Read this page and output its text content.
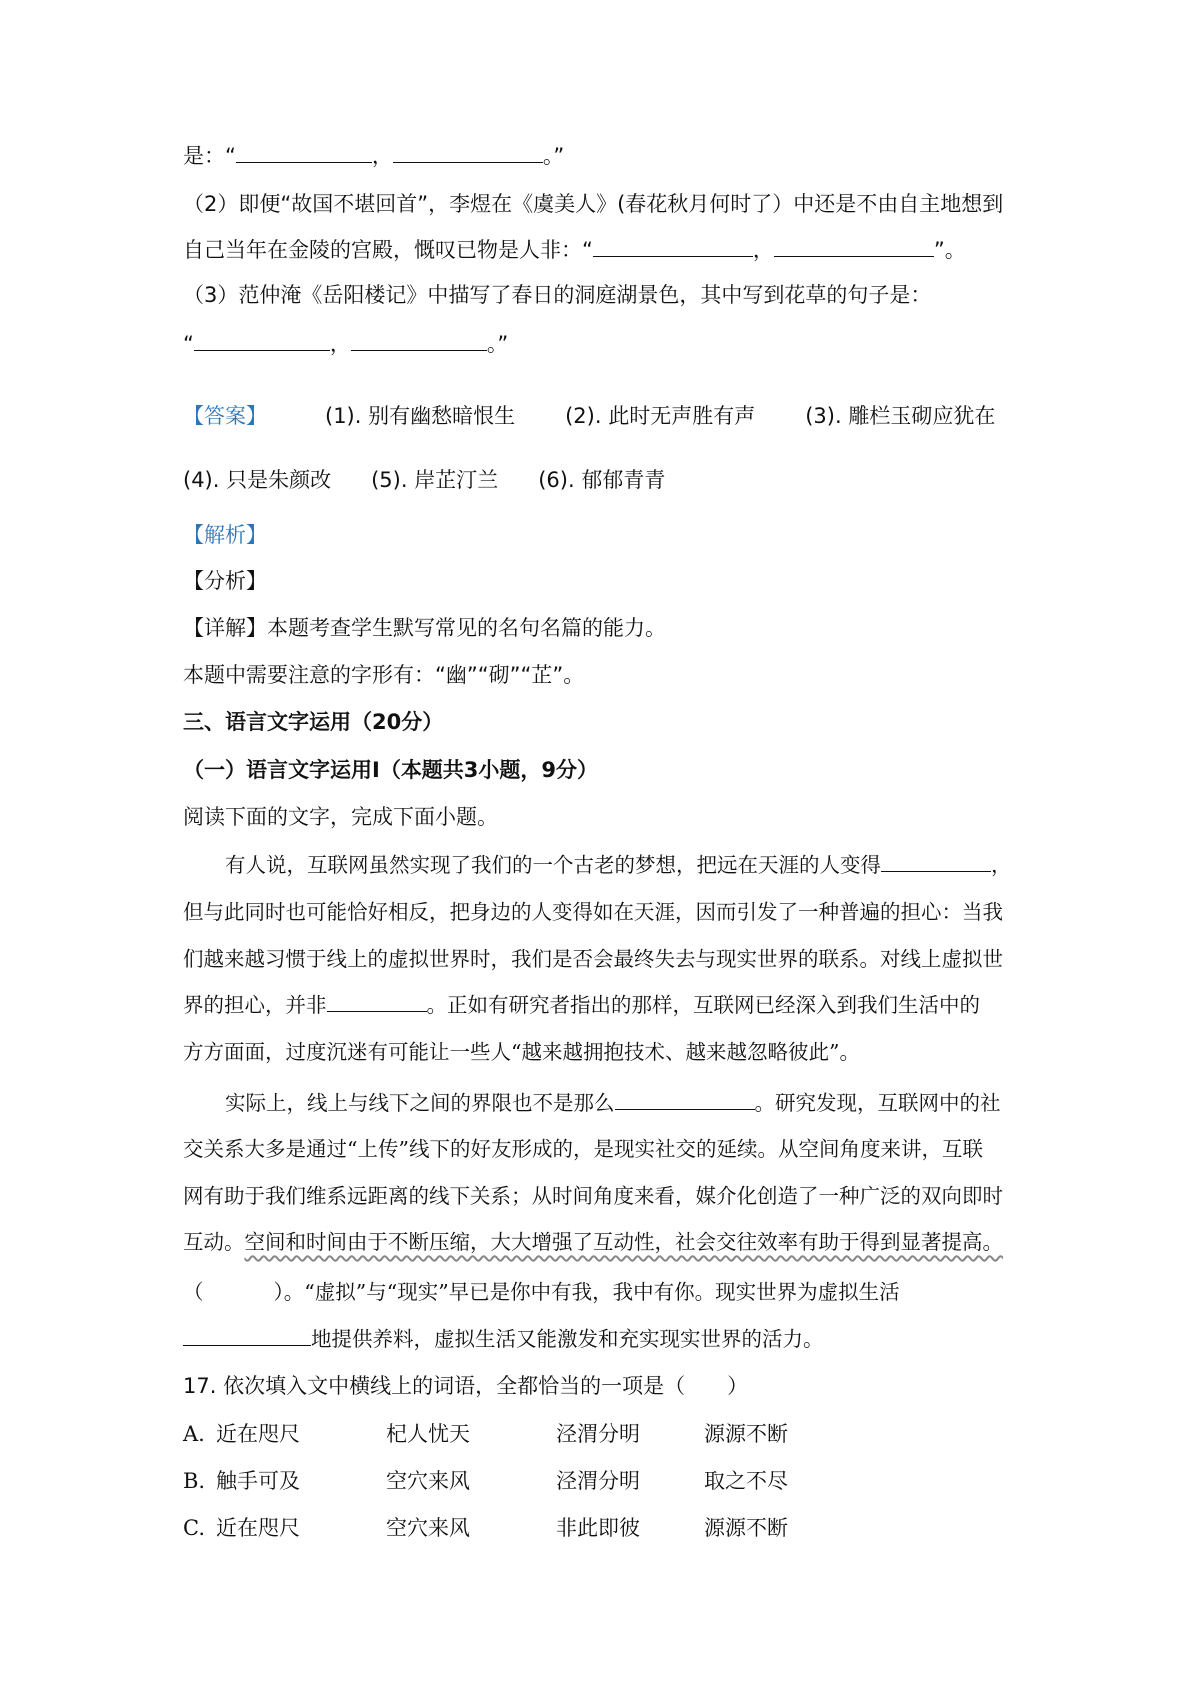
是：“	，	。”
（2）即便“故国不堪回首”，李煜在《虞美人》(春花秋月何时了）中还是不由自主地想到
自己当年在金陵的宫殿，慨叹已物是人非：“	，	”。
（3）范仲淹《岳阳楼记》中描写了春日的洞庭湖景色，其中写到花草的句子是：
“	，	。”
【答案】	(1). 别有幽愁暗恨生 (2). 此时无声胜有声 (3). 雕栏玉砌应犹在
(4). 只是朱颜改 (5). 岸芷汀兰 (6). 郁郁青青
【解析】
【分析】
【详解】本题考查学生默写常见的名句名篇的能力。
本题中需要注意的字形有：“幽”“砌”“芷”。
三、语言文字运用（20分）
（一）语言文字运用Ⅰ（本题共3小题，9分）
阅读下面的文字，完成下面小题。
有人说，互联网虽然实现了我们的一个古老的梦想，把远在天涯的人变得	，
但与此同时也可能恰好相反，把身边的人变得如在天涯，因而引发了一种普遍的担心：当我
们越来越习惯于线上的虚拟世界时，我们是否会最终失去与现实世界的联系。对线上虚拟世
界的担心，并非	。正如有研究者指出的那样，互联网已经深入到我们生活中的
方方面面，过度沉迷有可能让一些人“越来越拥抱技术、越来越忽略彼此”。
实际上，线上与线下之间的界限也不是那么	。研究发现，互联网中的社
交关系大多是通过“上传”线下的好友形成的，是现实社交的延续。从空间角度来讲，互联
网有助于我们维系远距离的线下关系；从时间角度来看，媒介化创造了一种广泛的双向即时
互动。空间和时间由于不断压缩，大大增强了互动性，社会交往效率有助于得到显著提高。
（	）。“虚拟”与“现实”早已是你中有我，我中有你。现实世界为虚拟生活
地提供养料，虚拟生活又能激发和充实现实世界的活力。
17. 依次填入文中横线上的词语，全都恰当的一项是（　　）
A. 近在咫尺	杞人忧天	泾渭分明	源源不断
B. 触手可及	空穴来风	泾渭分明	取之不尽
C. 近在咫尺	空穴来风	非此即彼	源源不断
